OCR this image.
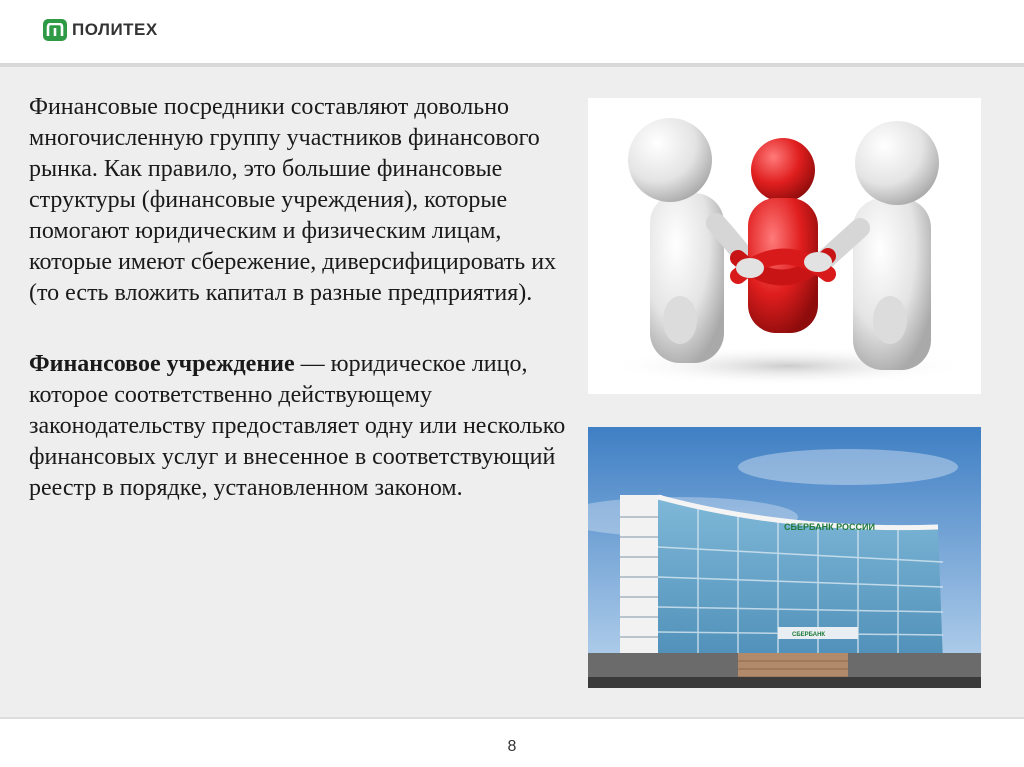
ПОЛИТЕХ

Финансовые посредники составляют довольно многочисленную группу участников финансового рынка. Как правило, это большие финансовые структуры (финансовые учреждения), которые помогают юридическим и физическим лицам, которые имеют сбережение, диверсифицировать их (то есть вложить капитал в разные предприятия).

Финансовое учреждение — юридическое лицо, которое соответственно действующему законодательству предоставляет одну или несколько финансовых услуг и внесенное в соответствующий реестр в порядке, установленном законом.

СБЕРБАНК РОССИИ
СБЕРБАНК
8
